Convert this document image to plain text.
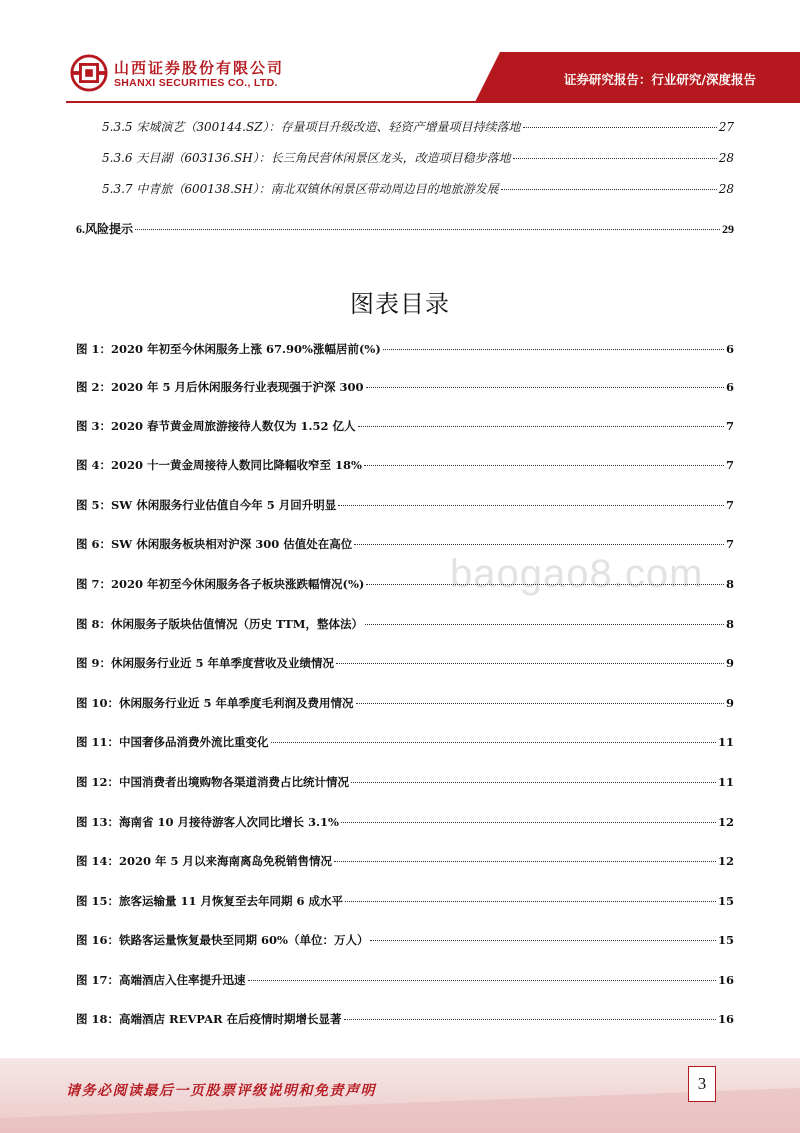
山西证券股份有限公司
SHANXI SECURITIES CO., LTD.	证券研究报告：行业研究/深度报告
5.3.5 宋城演艺（300144.SZ）：存量项目升级改造、轻资产增量项目持续落地	27
5.3.6 天目湖（603136.SH）：长三角民营休闲景区龙头，改造项目稳步落地	28
5.3.7 中青旅（600138.SH）：南北双镇休闲景区带动周边目的地旅游发展	28
6.风险提示	29
图表目录
baogao8.com
图 1：2020 年初至今休闲服务上涨 67.90%涨幅居前(%)	6
图 2：2020 年 5 月后休闲服务行业表现强于沪深 300	6
图 3：2020 春节黄金周旅游接待人数仅为 1.52 亿人	7
图 4：2020 十一黄金周接待人数同比降幅收窄至 18%	7
图 5：SW 休闲服务行业估值自今年 5 月回升明显	7
图 6：SW 休闲服务板块相对沪深 300 估值处在高位	7
图 7：2020 年初至今休闲服务各子板块涨跌幅情况(%)	8
图 8：休闲服务子版块估值情况（历史 TTM，整体法）	8
图 9：休闲服务行业近 5 年单季度营收及业绩情况	9
图 10：休闲服务行业近 5 年单季度毛利润及费用情况	9
图 11：中国奢侈品消费外流比重变化	11
图 12：中国消费者出境购物各渠道消费占比统计情况	11
图 13：海南省 10 月接待游客人次同比增长 3.1%	12
图 14：2020 年 5 月以来海南离岛免税销售情况	12
图 15：旅客运输量 11 月恢复至去年同期 6 成水平	15
图 16：铁路客运量恢复最快至同期 60%（单位：万人）	15
图 17：高端酒店入住率提升迅速	16
图 18：高端酒店 REVPAR 在后疫情时期增长显著	16
请务必阅读最后一页股票评级说明和免责声明	3
